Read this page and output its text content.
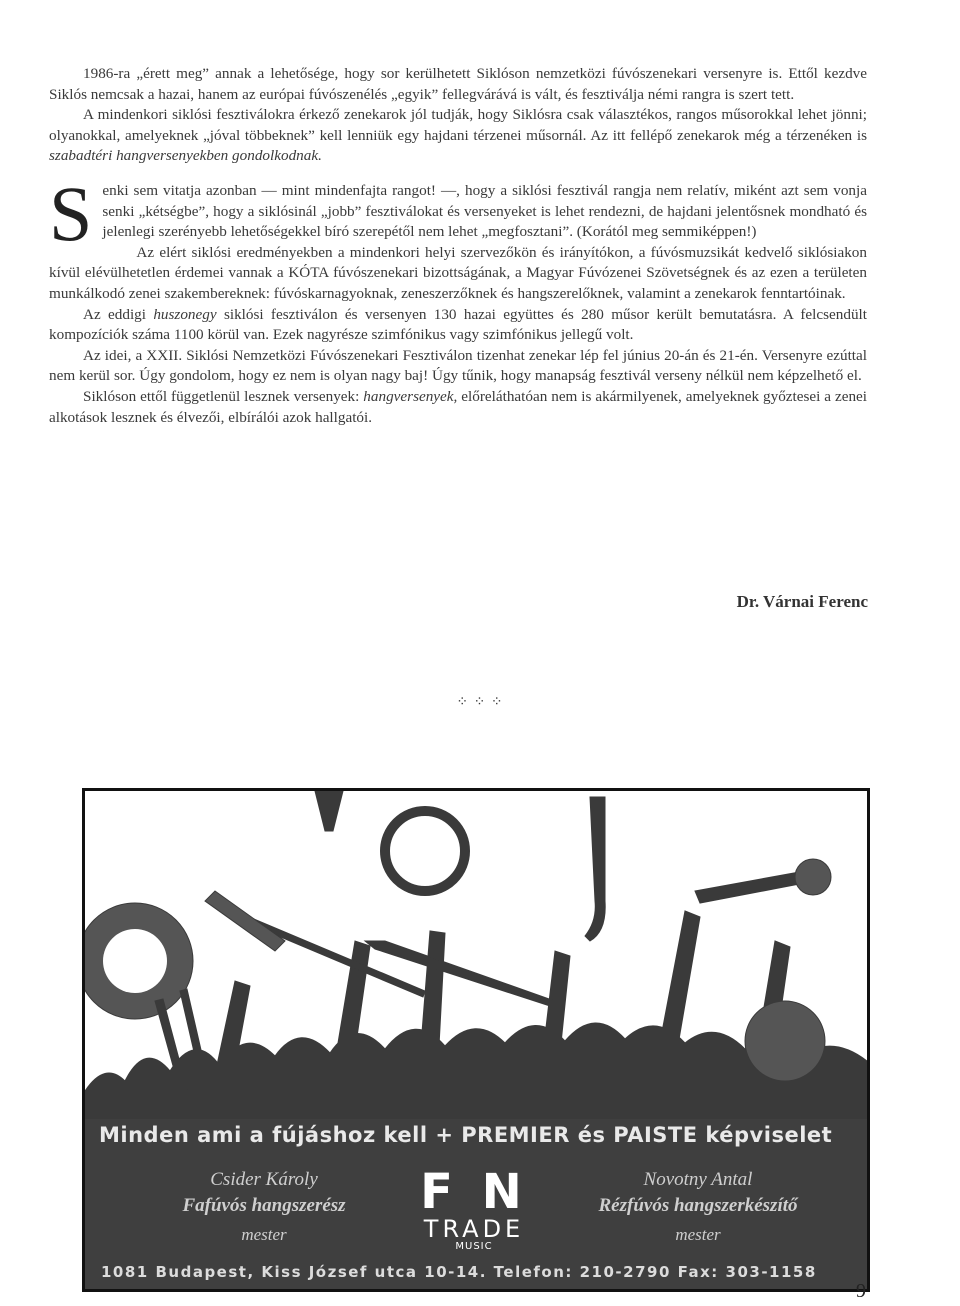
1986-ra „érett meg” annak a lehetősége, hogy sor kerülhetett Siklóson nemzetközi fúvószenekari versenyre is. Ettől kezdve Siklós nemcsak a hazai, hanem az európai fúvószenélés „egyik” fellegvárává is vált, és fesztiválja némi rangra is szert tett.

A mindenkori siklósi fesztiválokra érkező zenekarok jól tudják, hogy Siklósra csak választékos, rangos műsorokkal lehet jönni; olyanokkal, amelyeknek „jóval többeknek” kell lenniük egy hajdani térzenei műsornál. Az itt fellépő zenekarok még a térzenéken is szabadtéri hangversenyekben gondolkodnak.

Senki sem vitatja azonban — mint mindenfajta rangot! —, hogy a siklósi fesztivál rangja nem relatív, miként azt sem vonja senki „kétségbe”, hogy a siklósinál „jobb” fesztiválokat és versenyeket is lehet rendezni, de hajdani jelentősnek mondható és jelenlegi szerényebb lehetőségekkel bíró szerepétől nem lehet „megfosztani”. (Korától meg semmiképpen!)

Az elért siklósi eredményekben a mindenkori helyi szervezőkön és irányítókon, a fúvósmuzsikát kedvelő siklósiakon kívül elévülhetetlen érdemei vannak a KÓTA fúvószenekari bizottságának, a Magyar Fúvózenei Szövetségnek és az ezen a területen munkálkodó zenei szakembereknek: fúvóskarnagyoknak, zeneszerzőknek és hangszerelőknek, valamint a zenekarok fenntartóinak.

Az eddigi huszonegy siklósi fesztiválon és versenyen 130 hazai együttes és 280 műsor került bemutatásra. A felcsendült kompozíciók száma 1100 körül van. Ezek nagyrésze szimfónikus vagy szimfónikus jellegű volt.

Az idei, a XXII. Siklósi Nemzetközi Fúvószenekari Fesztiválon tizenhat zenekar lép fel június 20-án és 21-én. Versenyre ezúttal nem kerül sor. Úgy gondolom, hogy ez nem is olyan nagy baj! Úgy tűnik, hogy manapság fesztivál verseny nélkül nem képzelhető el.

Siklóson ettől függetlenül lesznek versenyek: hangversenyek, előreláthatóan nem is akármilyenek, amelyeknek győztesei a zenei alkotások lesznek és élvezői, elbírálói azok hallgatói.

Dr. Várnai Ferenc
⁘ ⁘ ⁘
Minden ami a fújáshoz kell + PREMIER és PAISTE képviselet
Csider Károly
Fafúvós hangszerész
mester
F N
TRADE
MUSIC
Novotny Antal
Rézfúvós hangszerkészítő
mester
1081 Budapest, Kiss József utca 10-14. Telefon: 210-2790 Fax: 303-1158
9
